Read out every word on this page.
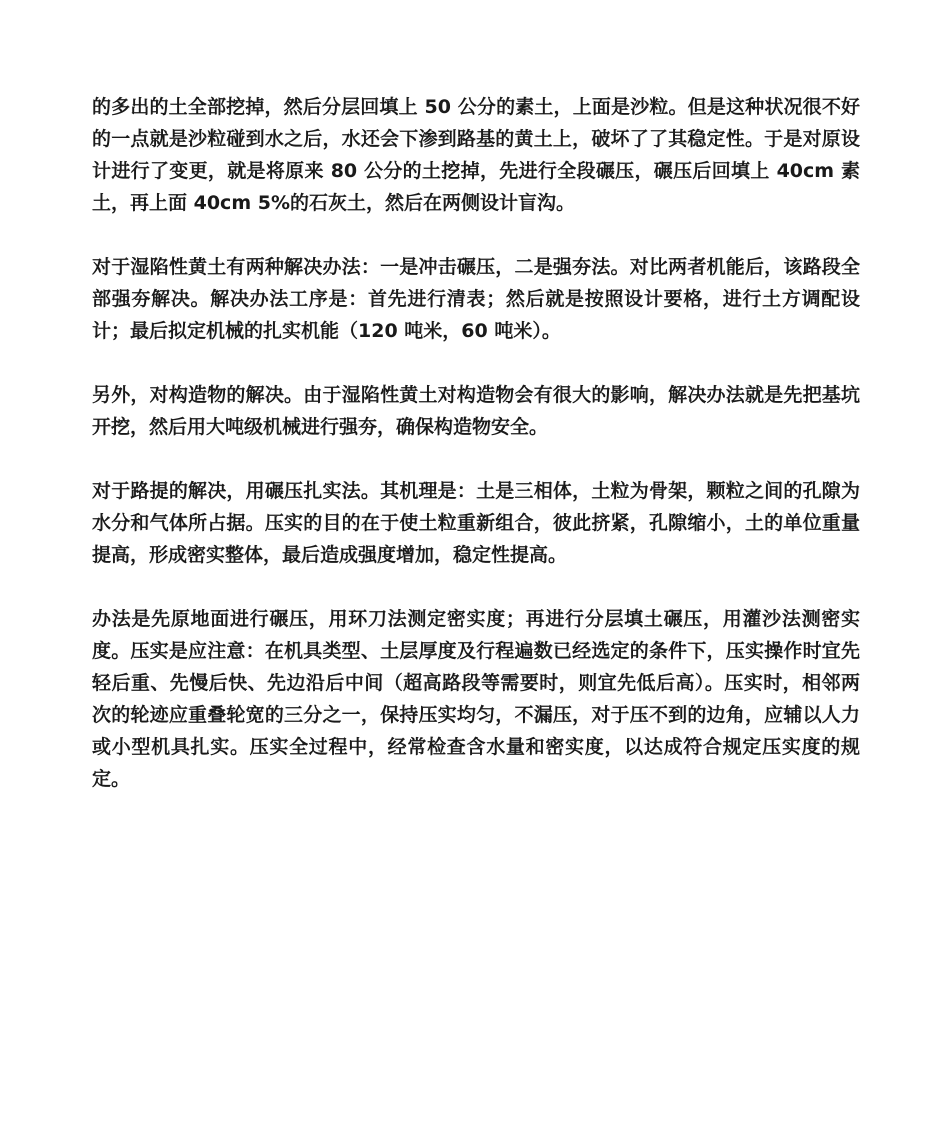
的多出的土全部挖掉，然后分层回填上 50 公分的素土，上面是沙粒。但是这种状况很不好的一点就是沙粒碰到水之后，水还会下渗到路基的黄土上，破坏了了其稳定性。于是对原设计进行了变更，就是将原来 80 公分的土挖掉，先进行全段碾压，碾压后回填上 40cm 素土，再上面 40cm 5%的石灰土，然后在两侧设计盲沟。

对于湿陷性黄土有两种解决办法：一是冲击碾压，二是强夯法。对比两者机能后，该路段全部强夯解决。解决办法工序是：首先进行清表；然后就是按照设计要格，进行土方调配设计；最后拟定机械的扎实机能（120 吨米，60 吨米）。

另外，对构造物的解决。由于湿陷性黄土对构造物会有很大的影响，解决办法就是先把基坑开挖，然后用大吨级机械进行强夯，确保构造物安全。

对于路提的解决，用碾压扎实法。其机理是：土是三相体，土粒为骨架，颗粒之间的孔隙为水分和气体所占据。压实的目的在于使土粒重新组合，彼此挤紧，孔隙缩小，土的单位重量提高，形成密实整体，最后造成强度增加，稳定性提高。

办法是先原地面进行碾压，用环刀法测定密实度；再进行分层填土碾压，用灌沙法测密实度。压实是应注意：在机具类型、土层厚度及行程遍数已经选定的条件下，压实操作时宜先轻后重、先慢后快、先边沿后中间（超高路段等需要时，则宜先低后高）。压实时，相邻两次的轮迹应重叠轮宽的三分之一，保持压实均匀，不漏压，对于压不到的边角，应辅以人力或小型机具扎实。压实全过程中，经常检查含水量和密实度，以达成符合规定压实度的规定。
